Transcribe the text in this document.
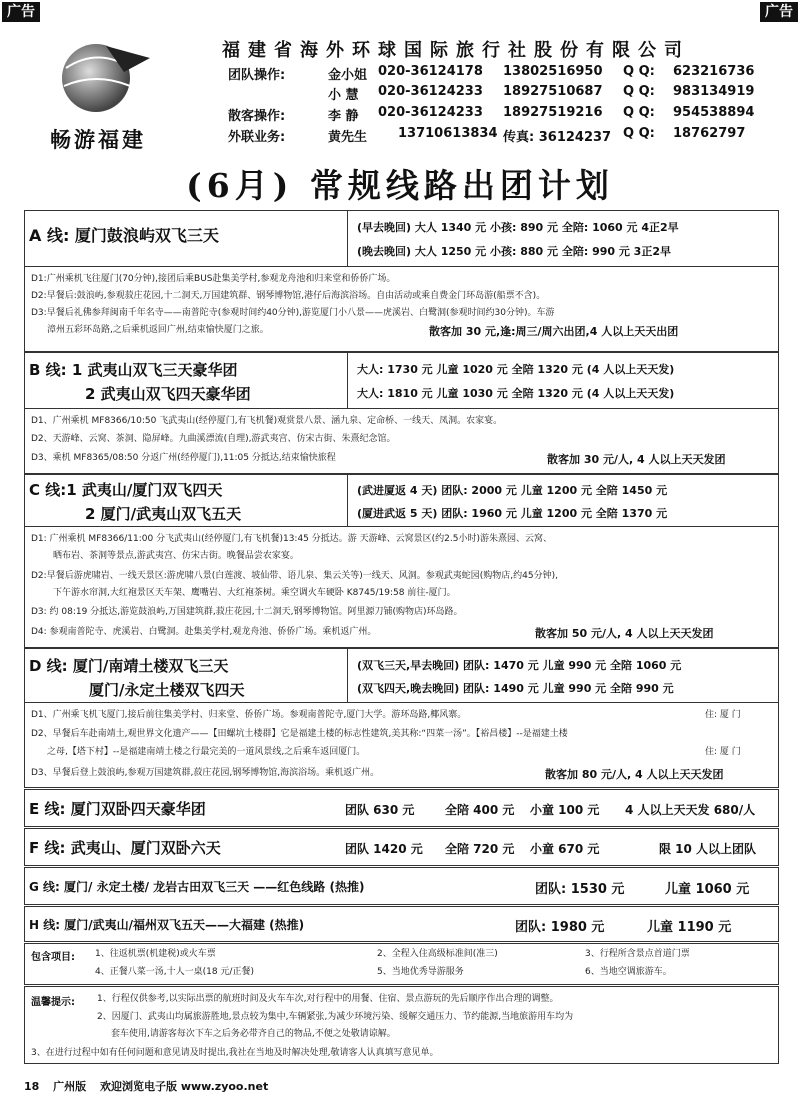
广告	广告
畅游福建
福建省海外环球国际旅行社股份有限公司
团队操作:	金小姐 020-36124178 13802516950 Q Q: 623216736
小 慧 020-36124233 18927510687 Q Q: 983134919
散客操作:	李 静 020-36124233 18927519216 Q Q: 954538894
外联业务:	黄先生 13710613834 传真: 36124237 Q Q: 18762797
(6月) 常规线路出团计划
A 线: 厦门鼓浪屿双飞三天	(早去晚回) 大人 1340 元 小孩: 890 元 全陪: 1060 元 4正2早
(晚去晚回) 大人 1250 元 小孩: 880 元 全陪: 990 元 3正2早
D1:广州乘机飞往厦门(70分钟),接团后乘BUS赴集美学村,参观龙舟池和归来堂和侨侨广场。
D2:早餐后:鼓浪屿,参观菽庄花园,十二洞天,万国建筑群、钢琴博物馆,港仔后海滨浴场。自由活动或乘自费金门环岛游(船票不含)。
D3:早餐后礼佛参拜闽南千年名寺——南普陀寺(参观时间约40分钟),游览厦门小八景——虎溪岩、白鹭洞(参观时间约30分钟)。车游
漳州五彩环岛路,之后乘机返回广州,结束愉快厦门之旅。	散客加 30 元,逢:周三/周六出团,4 人以上天天出团
B 线: 1 武夷山双飞三天豪华团
2 武夷山双飞四天豪华团
大人: 1730 元 儿童 1020 元 全陪 1320 元 (4 人以上天天发)
大人: 1810 元 儿童 1030 元 全陪 1320 元 (4 人以上天天发)
D1、广州乘机 MF8366/10:50 飞武夷山(经停厦门,有飞机餐)观赏景八景、涵九泉、定命桥、一线天、凤洞。农家宴。
D2、天游峰、云窝、茶洞、隐屏峰。九曲溪漂流(自理),游武夷宫、仿宋古街、朱熹纪念馆。
D3、乘机 MF8365/08:50 分返广州(经停厦门),11:05 分抵达,结束愉快旅程	散客加 30 元/人, 4 人以上天天发团
C 线:1 武夷山/厦门双飞四天
2 厦门/武夷山双飞五天
(武进厦返 4 天) 团队: 2000 元 儿童 1200 元 全陪 1450 元
(厦进武返 5 天) 团队: 1960 元 儿童 1200 元 全陪 1370 元
D1: 广州乘机 MF8366/11:00 分飞武夷山(经停厦门,有飞机餐)13:45 分抵达。游 天游峰、云窝景区(约2.5小时)游朱熹园、云窝、
晒布岩、茶洞等景点,游武夷宫、仿宋古街。晚餐品尝农家宴。
D2:早餐后游虎啸岩、一线天景区:游虎啸八景(白莲渡、坡仙带、语儿泉、集云关等)一线天、风洞。参观武夷蛇园(购物店,约45分钟),
下午游水帘洞,大红袍景区天车架、鹰嘴岩、大红袍茶树。乘空调火车硬卧 K8745/19:58 前往-厦门。
D3: 约 08:19 分抵达,游览鼓浪屿,万国建筑群,菽庄花园,十二洞天,钢琴博物馆。阿里源刀铺(购物店)环岛路。
D4: 参观南普陀寺、虎溪岩、白鹭洞。赴集美学村,观龙舟池、侨侨广场。乘机返广州。	散客加 50 元/人, 4 人以上天天发团
D 线: 厦门/南靖土楼双飞三天
厦门/永定土楼双飞四天
(双飞三天,早去晚回) 团队: 1470 元 儿童 990 元 全陪 1060 元
(双飞四天,晚去晚回) 团队: 1490 元 儿童 990 元 全陪 990 元
D1、广州乘飞机飞厦门,接后前往集美学村、归来堂、侨侨广场。参观南普陀寺,厦门大学。游环岛路,椰风寨。	住: 厦 门
D2、早餐后车赴南靖土,观世界文化遗产——【田螺坑土楼群】它是福建土楼的标志性建筑,美其称:“四菜一汤”。【裕昌楼】--是福建土楼
之母,【塔下村】--是福建南靖土楼之行最完美的一道风景线,之后乘车返回厦门。	住: 厦 门
D3、早餐后登上鼓浪屿,参观万国建筑群,菽庄花园,钢琴博物馆,海滨浴场。乘机返广州。	散客加 80 元/人, 4 人以上天天发团
E 线: 厦门双卧四天豪华团	团队 630 元	全陪 400 元 小童 100 元 4 人以上天天发 680/人
F 线: 武夷山、厦门双卧六天	团队 1420 元 全陪 720 元 小童 670 元	限 10 人以上团队
G 线: 厦门/ 永定土楼/ 龙岩古田双飞三天 ——红色线路 (热推)	团队: 1530 元	儿童 1060 元
H 线: 厦门/武夷山/福州双飞五天——大福建 (热推)	团队: 1980 元	儿童 1190 元
包含项目: 1、往返机票(机建税)或火车票	2、全程入住高级标准间(准三)	3、行程所含景点首道门票
4、正餐八菜一汤,十人一桌(18 元/正餐)	5、当地优秀导游服务	6、当地空调旅游车。
温馨提示: 1、行程仅供参考,以实际出票的航班时间及火车车次,对行程中的用餐、住宿、景点游玩的先后顺序作出合理的调整。
2、因厦门、武夷山均属旅游胜地,景点较为集中,车辆紧张,为减少环境污染、缓解交通压力、节约能源,当地旅游用车均为
套车使用,请游客每次下车之后务必带齐自己的物品,不便之处敬请谅解。
3、在进行过程中如有任何问题和意见请及时提出,我社在当地及时解决处理,敬请客人认真填写意见单。
18 广州版 欢迎浏览电子版 www.zyoo.net
